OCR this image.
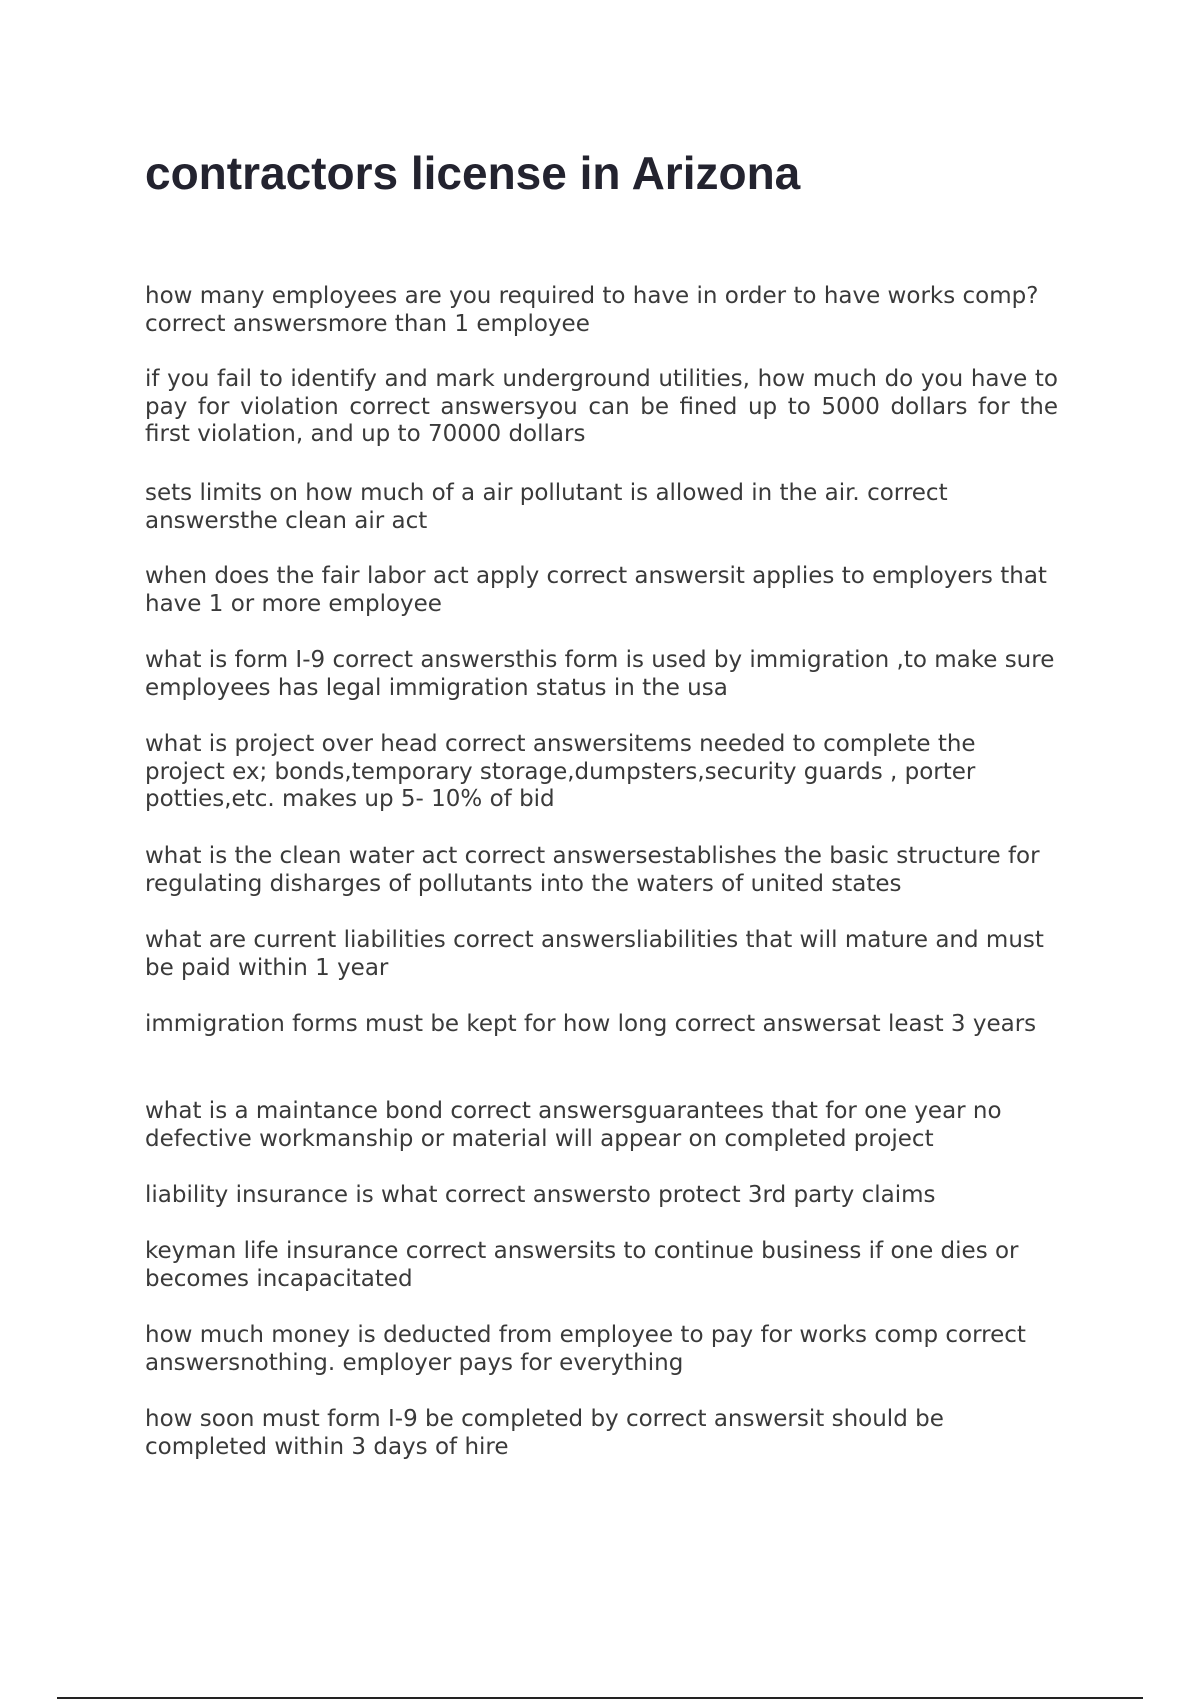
contractors license in Arizona

how many employees are you required to have in order to have works comp? correct answersmore than 1 employee

if you fail to identify and mark underground utilities, how much do you have to pay for violation correct answersyou can be fined up to 5000 dollars for the first violation, and up to 70000 dollars

sets limits on how much of a air pollutant is allowed in the air. correct answersthe clean air act

when does the fair labor act apply correct answersit applies to employers that have 1 or more employee

what is form I-9 correct answersthis form is used by immigration ,to make sure employees has legal immigration status in the usa

what is project over head correct answersitems needed to complete the project ex; bonds,temporary storage,dumpsters,security guards , porter potties,etc. makes up 5- 10% of bid

what is the clean water act correct answersestablishes the basic structure for regulating disharges of pollutants into the waters of united states

what are current liabilities correct answersliabilities that will mature and must be paid within 1 year

immigration forms must be kept for how long correct answersat least 3 years

what is a maintance bond correct answersguarantees that for one year no defective workmanship or material will appear on completed project

liability insurance is what correct answersto protect 3rd party claims

keyman life insurance correct answersits to continue business if one dies or becomes incapacitated

how much money is deducted from employee to pay for works comp correct answersnothing. employer pays for everything

how soon must form I-9 be completed by correct answersit should be completed within 3 days of hire
